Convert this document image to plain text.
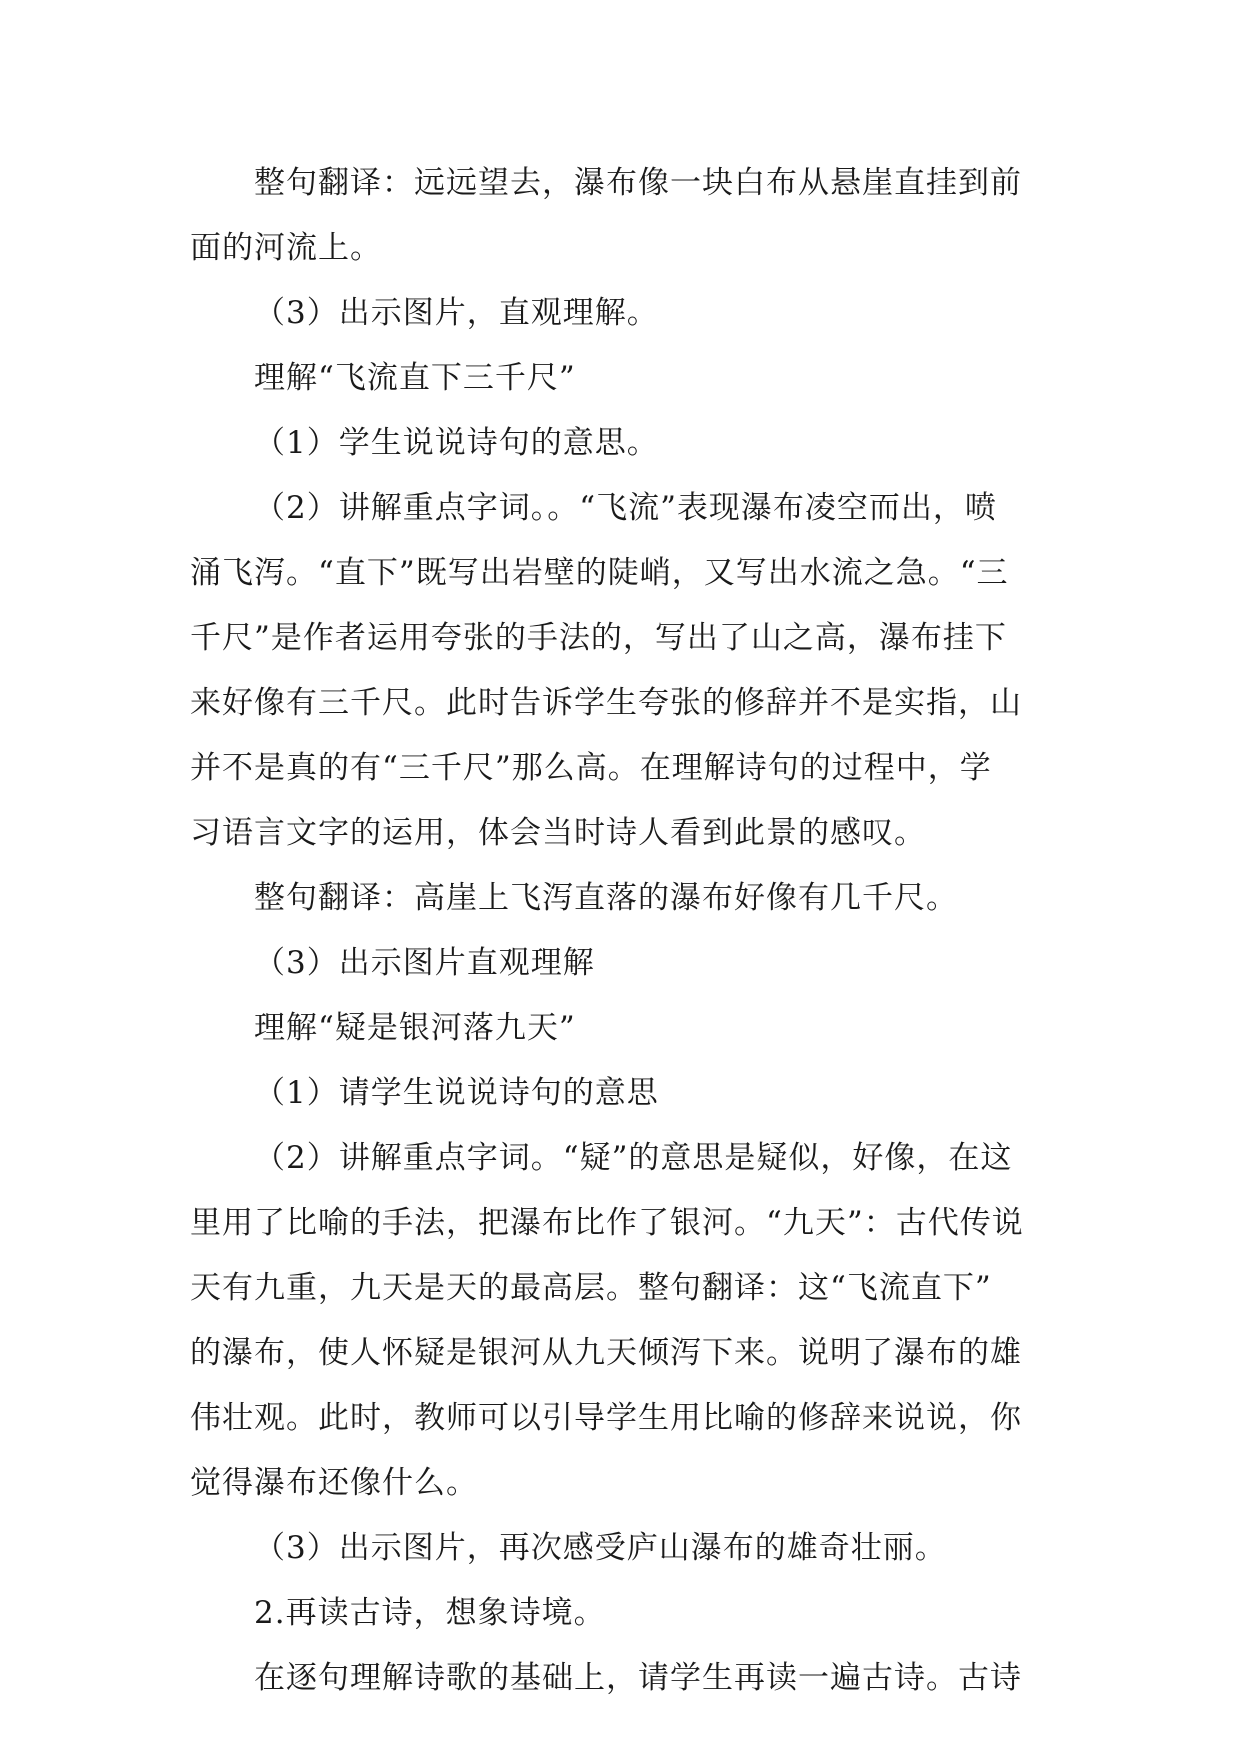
整句翻译：远远望去，瀑布像一块白布从悬崖直挂到前
面的河流上。
（3）出示图片，直观理解。
理解“飞流直下三千尺”
（1）学生说说诗句的意思。
（2）讲解重点字词。。“飞流”表现瀑布凌空而出，喷
涌飞泻。“直下”既写出岩壁的陡峭，又写出水流之急。“三
千尺”是作者运用夸张的手法的，写出了山之高，瀑布挂下
来好像有三千尺。此时告诉学生夸张的修辞并不是实指，山
并不是真的有“三千尺”那么高。在理解诗句的过程中，学
习语言文字的运用，体会当时诗人看到此景的感叹。
整句翻译：高崖上飞泻直落的瀑布好像有几千尺。
（3）出示图片直观理解
理解“疑是银河落九天”
（1）请学生说说诗句的意思
（2）讲解重点字词。“疑”的意思是疑似，好像，在这
里用了比喻的手法，把瀑布比作了银河。“九天”：古代传说
天有九重，九天是天的最高层。整句翻译：这“飞流直下”
的瀑布，使人怀疑是银河从九天倾泻下来。说明了瀑布的雄
伟壮观。此时，教师可以引导学生用比喻的修辞来说说，你
觉得瀑布还像什么。
（3）出示图片，再次感受庐山瀑布的雄奇壮丽。
2.再读古诗，想象诗境。
在逐句理解诗歌的基础上，请学生再读一遍古诗。古诗
